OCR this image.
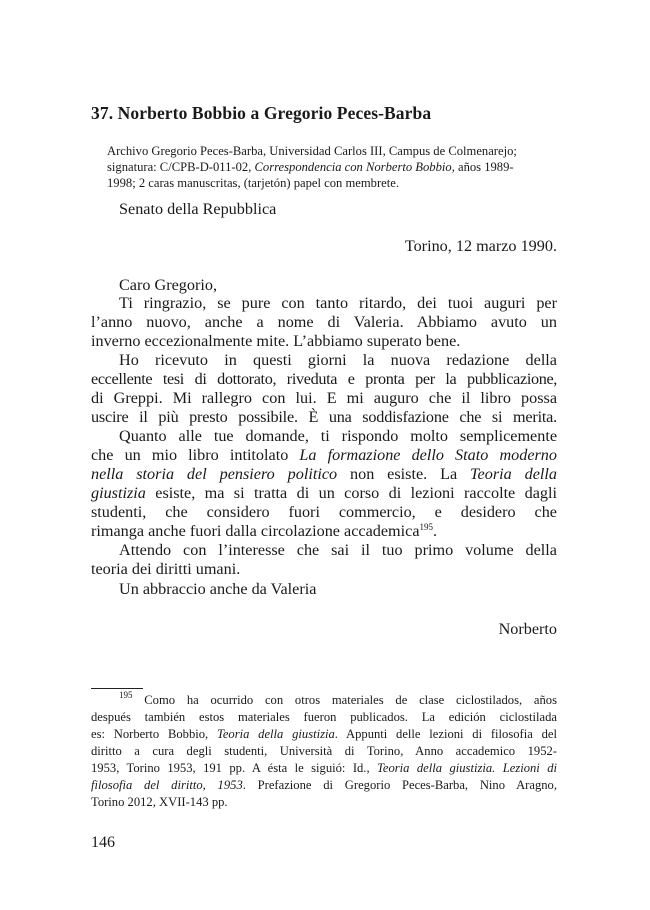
37. Norberto Bobbio a Gregorio Peces-Barba
Archivo Gregorio Peces-Barba, Universidad Carlos III, Campus de Colmenarejo;
signatura: C/CPB-D-011-02, Correspondencia con Norberto Bobbio, años 1989-
1998; 2 caras manuscritas, (tarjetón) papel con membrete.
Senato della Repubblica
Torino, 12 marzo 1990.
Caro Gregorio,
Ti ringrazio, se pure con tanto ritardo, dei tuoi auguri per
l’anno nuovo, anche a nome di Valeria. Abbiamo avuto un
inverno eccezionalmente mite. L’abbiamo superato bene.
Ho ricevuto in questi giorni la nuova redazione della
eccellente tesi di dottorato, riveduta e pronta per la pubblicazione,
di Greppi. Mi rallegro con lui. E mi auguro che il libro possa
uscire il più presto possibile. È una soddisfazione che si merita.
Quanto alle tue domande, ti rispondo molto semplicemente
che un mio libro intitolato La formazione dello Stato moderno
nella storia del pensiero politico non esiste. La Teoria della
giustizia esiste, ma si tratta di un corso di lezioni raccolte dagli
studenti, che considero fuori commercio, e desidero che
rimanga anche fuori dalla circolazione accademica$^{195}$.
Attendo con l’interesse che sai il tuo primo volume della
teoria dei diritti umani.
Un abbraccio anche da Valeria
Norberto
$^{195}$ Como ha ocurrido con otros materiales de clase ciclostilados, años
después también estos materiales fueron publicados. La edición ciclostilada
es: Norberto Bobbio, Teoria della giustizia. Appunti delle lezioni di filosofia del
diritto a cura degli studenti, Università di Torino, Anno accademico 1952-
1953, Torino 1953, 191 pp. A ésta le siguió: Id., Teoria della giustizia. Lezioni di
filosofia del diritto, 1953. Prefazione di Gregorio Peces-Barba, Nino Aragno,
Torino 2012, XVII-143 pp.
146
